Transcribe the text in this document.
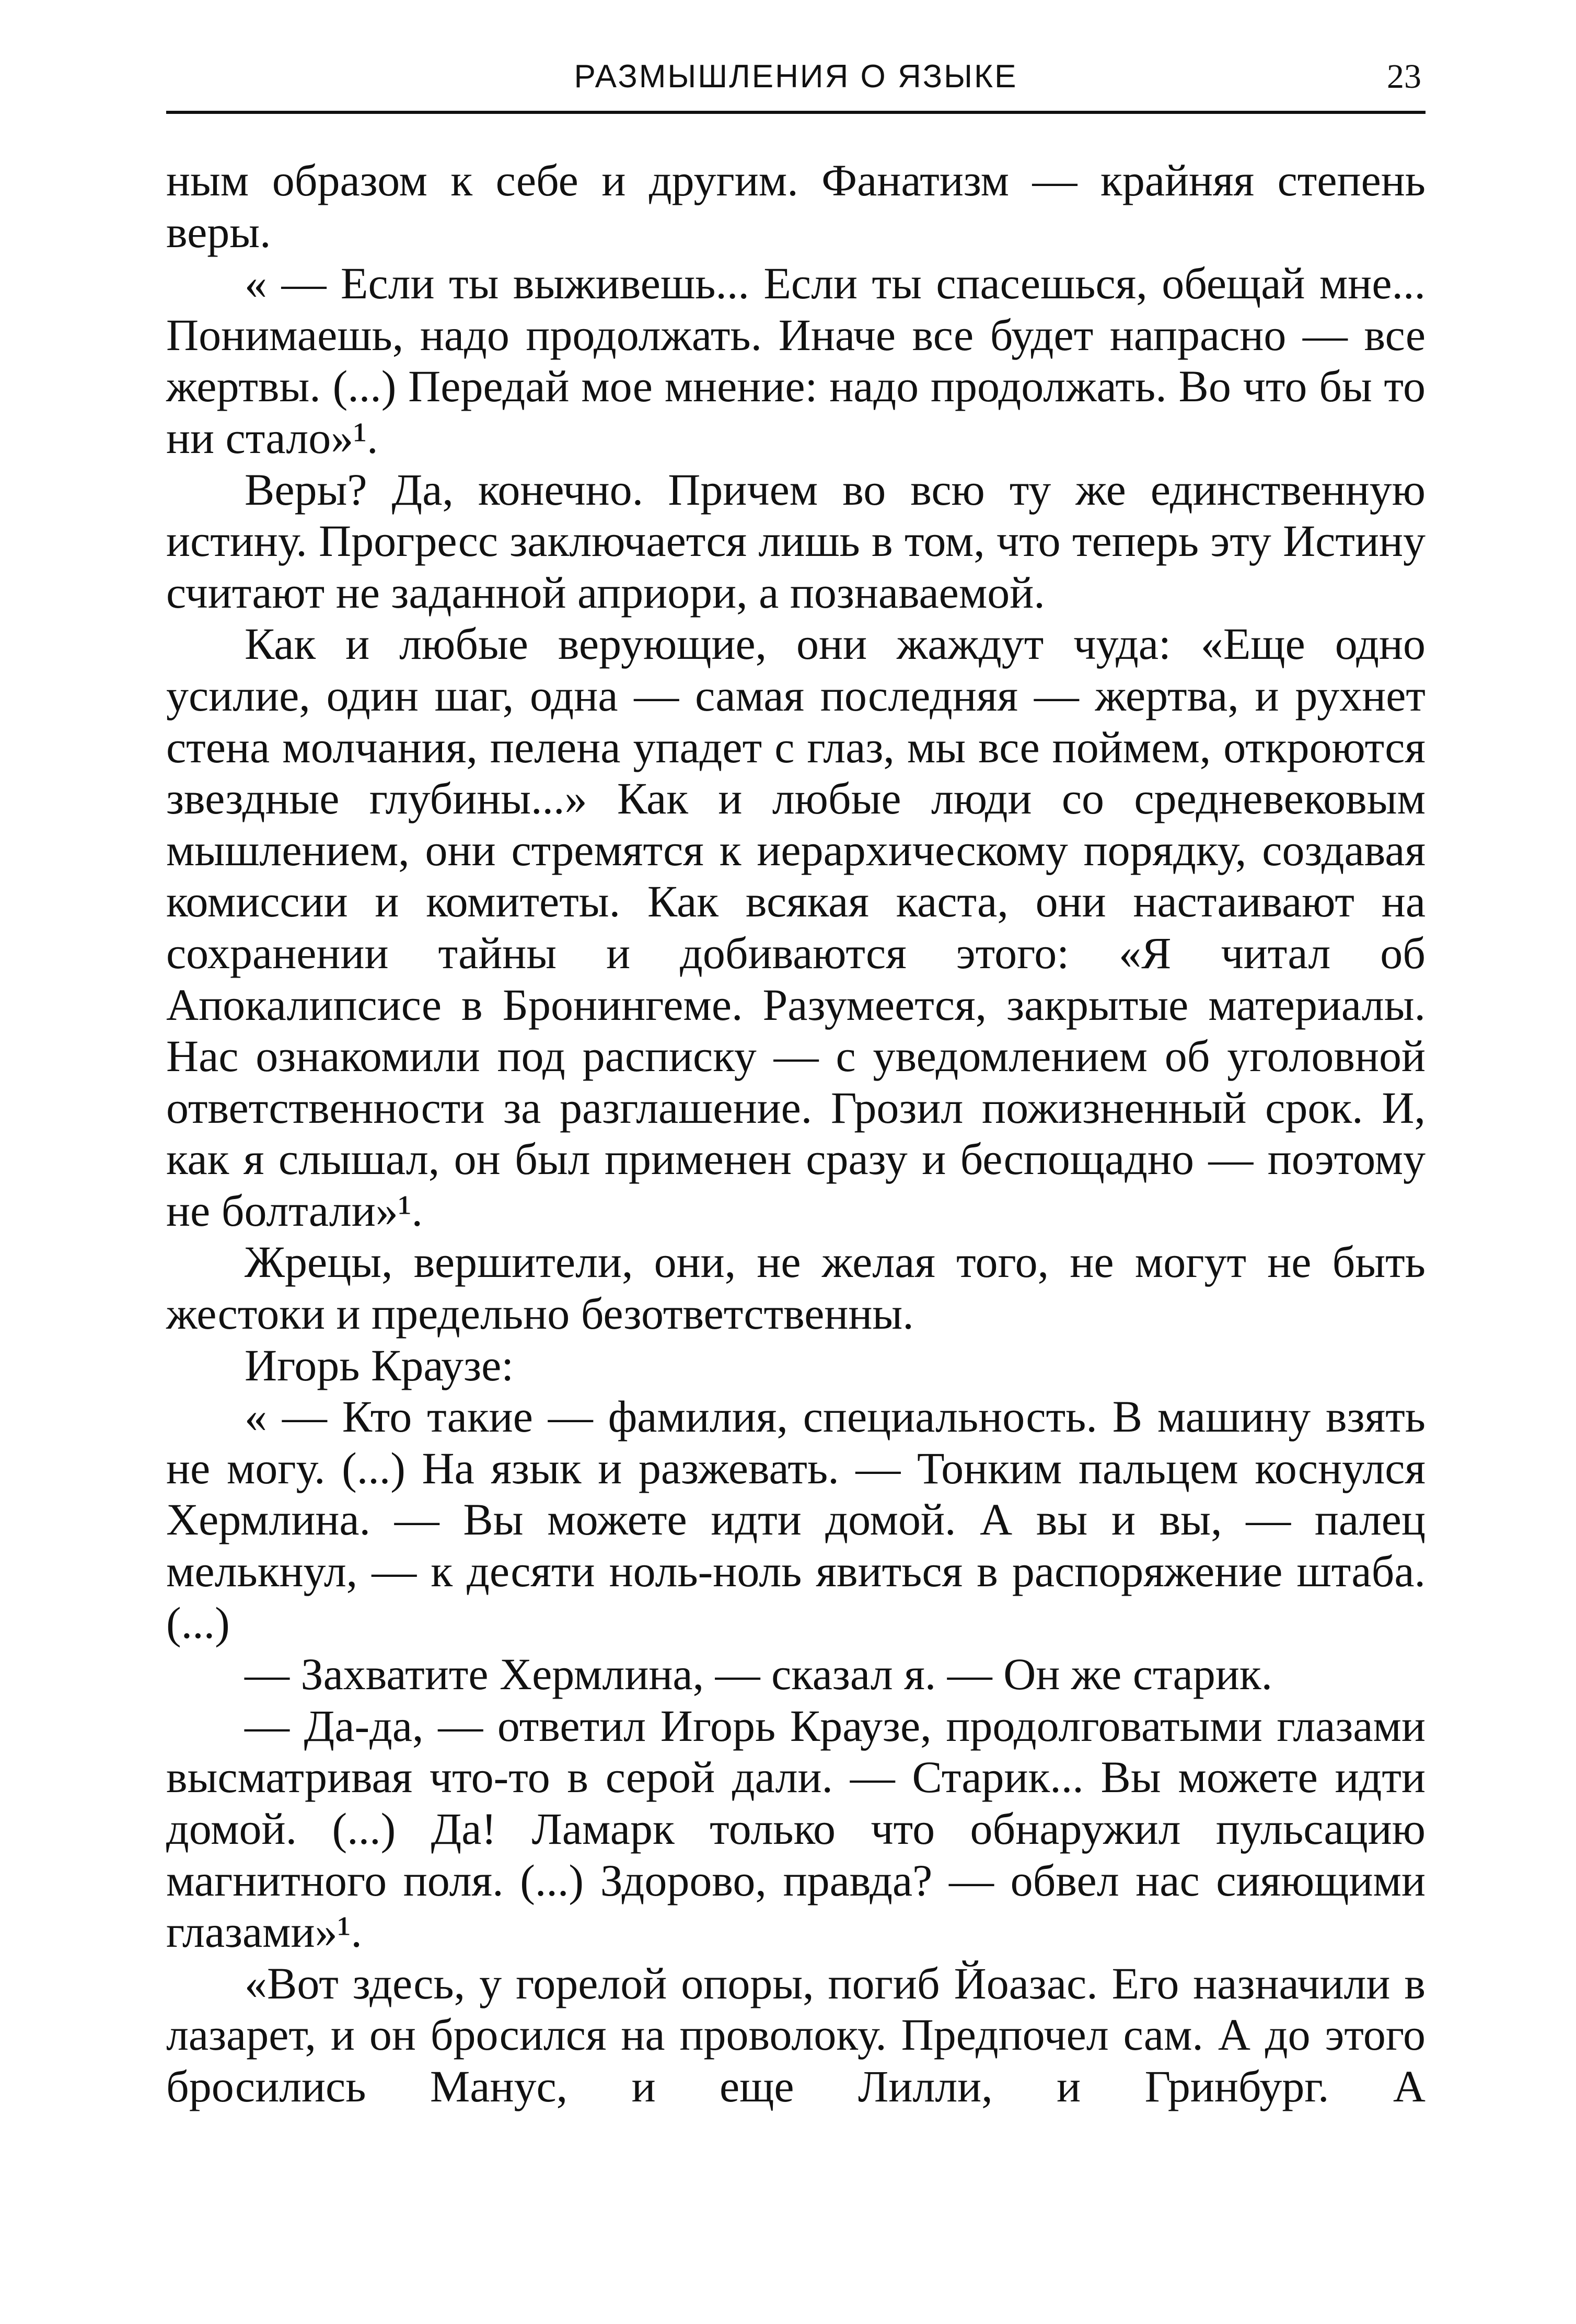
РАЗМЫШЛЕНИЯ О ЯЗЫКЕ	23

ным образом к себе и другим. Фанатизм — крайняя степень веры.

« — Если ты выживешь... Если ты спасешься, обещай мне... Понимаешь, надо продолжать. Иначе все будет напрасно — все жертвы. (...) Передай мое мнение: надо продолжать. Во что бы то ни стало»¹.

Веры? Да, конечно. Причем во всю ту же единственную истину. Прогресс заключается лишь в том, что теперь эту Истину считают не заданной априори, а познаваемой.

Как и любые верующие, они жаждут чуда: «Еще одно усилие, один шаг, одна — самая последняя — жертва, и рухнет стена молчания, пелена упадет с глаз, мы все поймем, откроются звездные глубины...» Как и любые люди со средневековым мышлением, они стремятся к иерархическому порядку, создавая комиссии и комитеты. Как всякая каста, они настаивают на сохранении тайны и добиваются этого: «Я читал об Апокалипсисе в Бронингеме. Разумеется, закрытые материалы. Нас ознакомили под расписку — с уведомлением об уголовной ответственности за разглашение. Грозил пожизненный срок. И, как я слышал, он был применен сразу и беспощадно — поэтому не болтали»¹.

Жрецы, вершители, они, не желая того, не могут не быть жестоки и предельно безответственны.

Игорь Краузе:

« — Кто такие — фамилия, специальность. В машину взять не могу. (...) На язык и разжевать. — Тонким пальцем коснулся Хермлина. — Вы можете идти домой. А вы и вы, — палец мелькнул, — к десяти ноль-ноль явиться в распоряжение штаба. (...)

— Захватите Хермлина, — сказал я. — Он же старик.

— Да-да, — ответил Игорь Краузе, продолговатыми глазами высматривая что-то в серой дали. — Старик... Вы можете идти домой. (...) Да! Ламарк только что обнаружил пульсацию магнитного поля. (...) Здорово, правда? — обвел нас сияющими глазами»¹.

«Вот здесь, у горелой опоры, погиб Йоазас. Его назначили в лазарет, и он бросился на проволоку. Предпочел сам. А до этого бросились Манус, и еще Лилли, и Гринбург. А
